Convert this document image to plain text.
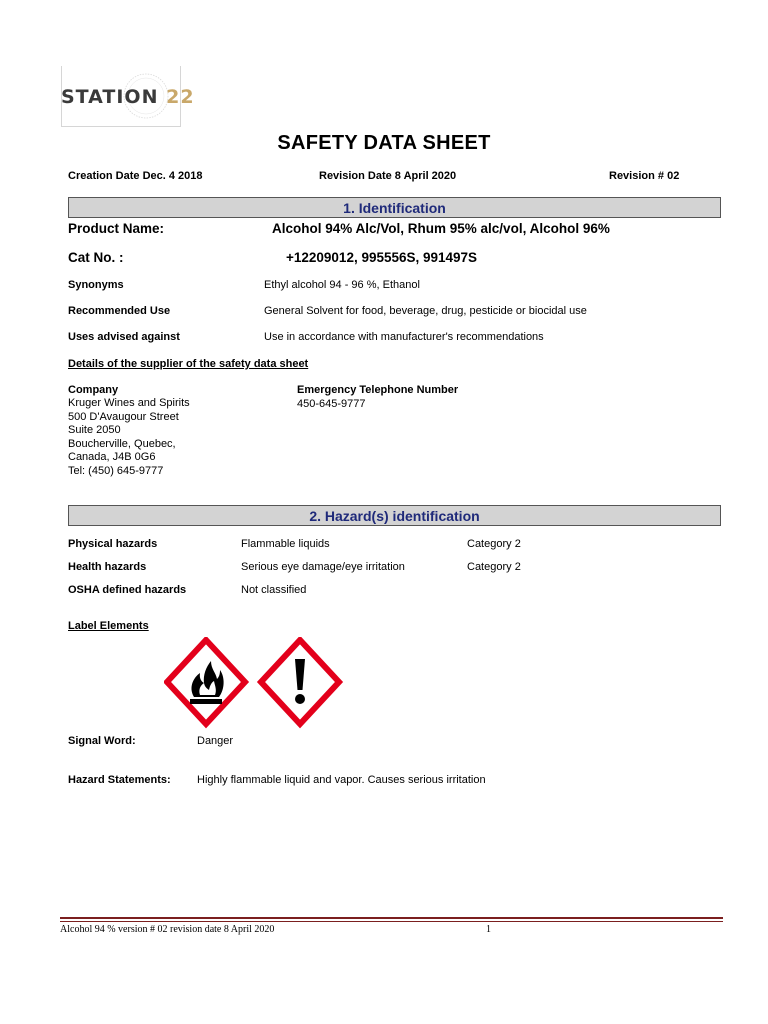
STATION 22
SAFETY DATA SHEET
Creation Date Dec. 4 2018	Revision Date 8 April 2020	Revision # 02
1. Identification
Product Name:	Alcohol 94% Alc/Vol, Rhum 95% alc/vol, Alcohol 96%
Cat No. :	+12209012, 995556S, 991497S
Synonyms	Ethyl alcohol 94 - 96 %, Ethanol
Recommended Use	General Solvent for food, beverage, drug, pesticide or biocidal use
Uses advised against	Use in accordance with manufacturer's recommendations
Details of the supplier of the safety data sheet
Company
Kruger Wines and Spirits
500 D'Avaugour Street
Suite 2050
Boucherville, Quebec,
Canada, J4B 0G6
Tel: (450) 645-9777
Emergency Telephone Number
450-645-9777
2. Hazard(s) identification
Physical hazards	Flammable liquids	Category 2
Health hazards	Serious eye damage/eye irritation	Category 2
OSHA defined hazards	Not classified
Label Elements
Signal Word:	Danger
Hazard Statements: Highly flammable liquid and vapor. Causes serious irritation
Alcohol 94 % version # 02 revision date 8 April 2020	1
